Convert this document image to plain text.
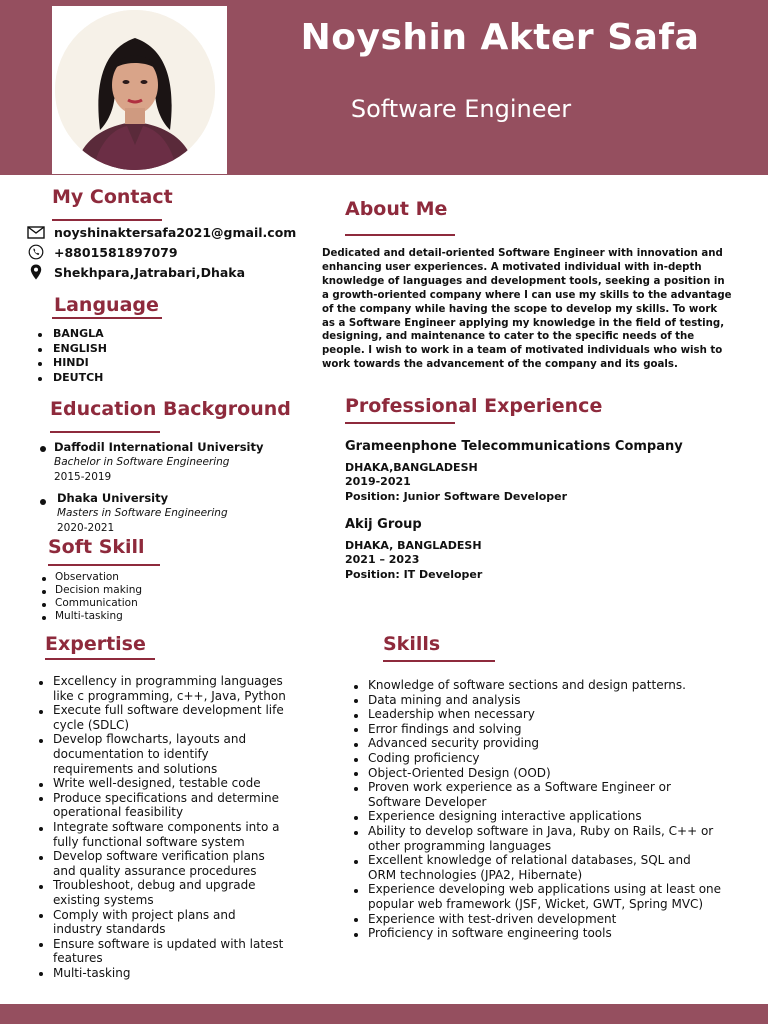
Noyshin Akter Safa
Software Engineer
My Contact
noyshinaktersafa2021@gmail.com
+8801581897079
Shekhpara,Jatrabari,Dhaka
Language
BANGLA
ENGLISH
HINDI
DEUTCH
Education Background
Daffodil International University
Bachelor in Software Engineering
2015-2019
Dhaka University
Masters in Software Engineering
2020-2021
Soft Skill
Observation
Decision making
Communication
Multi-tasking
About Me
Dedicated and detail-oriented Software Engineer with innovation and enhancing user experiences. A motivated individual with in-depth knowledge of languages and development tools, seeking a position in a growth-oriented company where I can use my skills to the advantage of the company while having the scope to develop my skills. To work as a Software Engineer applying my knowledge in the field of testing, designing, and maintenance to cater to the specific needs of the people. I wish to work in a team of motivated individuals who wish to work towards the advancement of the company and its goals.
Professional Experience
Grameenphone Telecommunications Company
DHAKA,BANGLADESH
2019-2021
Position: Junior Software Developer
Akij Group
DHAKA, BANGLADESH
2021 – 2023
Position: IT Developer
Expertise
Excellency in programming languages like c programming, c++, Java, Python
Execute full software development life cycle (SDLC)
Develop flowcharts, layouts and documentation to identify requirements and solutions
Write well-designed, testable code
Produce specifications and determine operational feasibility
Integrate software components into a fully functional software system
Develop software verification plans and quality assurance procedures
Troubleshoot, debug and upgrade existing systems
Comply with project plans and industry standards
Ensure software is updated with latest features
Multi-tasking
Skills
Knowledge of software sections and design patterns.
Data mining and analysis
Leadership when necessary
Error findings and solving
Advanced security providing
Coding proficiency
Object-Oriented Design (OOD)
Proven work experience as a Software Engineer or Software Developer
Experience designing interactive applications
Ability to develop software in Java, Ruby on Rails, C++ or other programming languages
Excellent knowledge of relational databases, SQL and ORM technologies (JPA2, Hibernate)
Experience developing web applications using at least one popular web framework (JSF, Wicket, GWT, Spring MVC)
Experience with test-driven development
Proficiency in software engineering tools
